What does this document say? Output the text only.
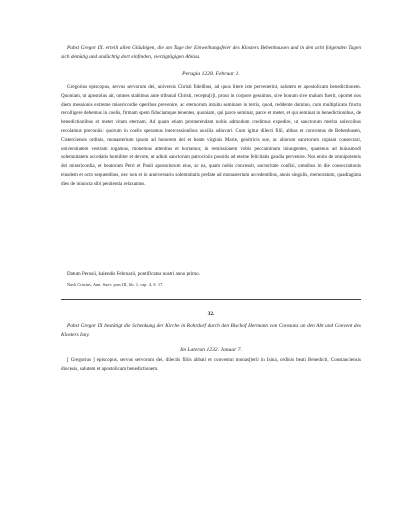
Pabst Gregor IX. erteilt allen Gläubigen, die am Tage der Einweihungsfeier des Klosters Bebenhausen und in den acht folgenden Tagen sich demütig und andächtig dort einfinden, vierzigtägigen Ablass.
Perugia 1228. Februar 1.
Gregorius episcopus, servus servorum dei, universis Christi fidelibus, ad quos litere iste pervenerint, salutem et apostolicam benedictionem. Quoniam, ut apostolus ait, omnes stabimus ante tribunal Christi, receptu[r]i, prout in corpore gessimus, sive bonum sive malum fuerit, oportet nos diem messionis extreme misericordie operibus prevenire, ac eternorum intuitu seminare in terris, quod, reddente domino, cum multiplicato fructu recolligere debemus in coelis, firmam spem fiduciamque tenentes, quoniam, qui parce seminat, parce et metet, et qui seminat in benedictionibus, de benedictionibus et metet vitam eternam. Ad quam etiam promerendam nobis admodum credimus expedire, ut sanctorum merita solecoibus recolamus preconiis: quorum in coelis speramus intercessionibus auxilia adiuvari. Cum igitur dilecti filii, abbas et conventus de Bebenhusen, Cisterciensis ordinis, monasterium ipsum ad honorem dei et beate virginis Marie, genitricis sue, ac aliorum sanctorum cupiant consecrari, universitatem vestram rogamus, monemus attentius et hortamur, in remissionem vobis peccaminum iniungentes, quatenus ad huiusmodi solemnitatem accedatis humiliter et devote, ut adiuti sanctorum patrociniis possitis ad eterne felicitatis gaudia pervenire. Nos enim de omnipotentis dei misericordia, et beatorum Petri et Pauli apostolorum eius, ac ea, quam nobis concessit, auctoritate confisi, omnibus in die consecrationis eiusdem et octo sequentibus, nec non et in anniversario solemnitatis prefate ad monasterium accedentibus, annis singulis, memoratum, quadraginta dies de iniuncta sibi penitentia relaxamus.
Datum Perusii, kalendis Februarii, pontificatus nostri anno primo.
Nach Crusius, Ann. Suev. pars III, lib. 1, cap. 4, S. 17.
32.
Pabst Gregor IX bestätigt die Schenkung der Kirche in Rohrdorf durch den Bischof Hermann von Constanz an den Abt und Convent des Klosters Isny.
Im Lateran 1232. Januar 7.
[ Gregorius ] episcopus, servus servorum dei, dilectis filiis abbati et conventui monas[terii in Isina, ordinis beati Benedicti, Constanciensis diocesis, salutem et apostolicam benedictionem.
